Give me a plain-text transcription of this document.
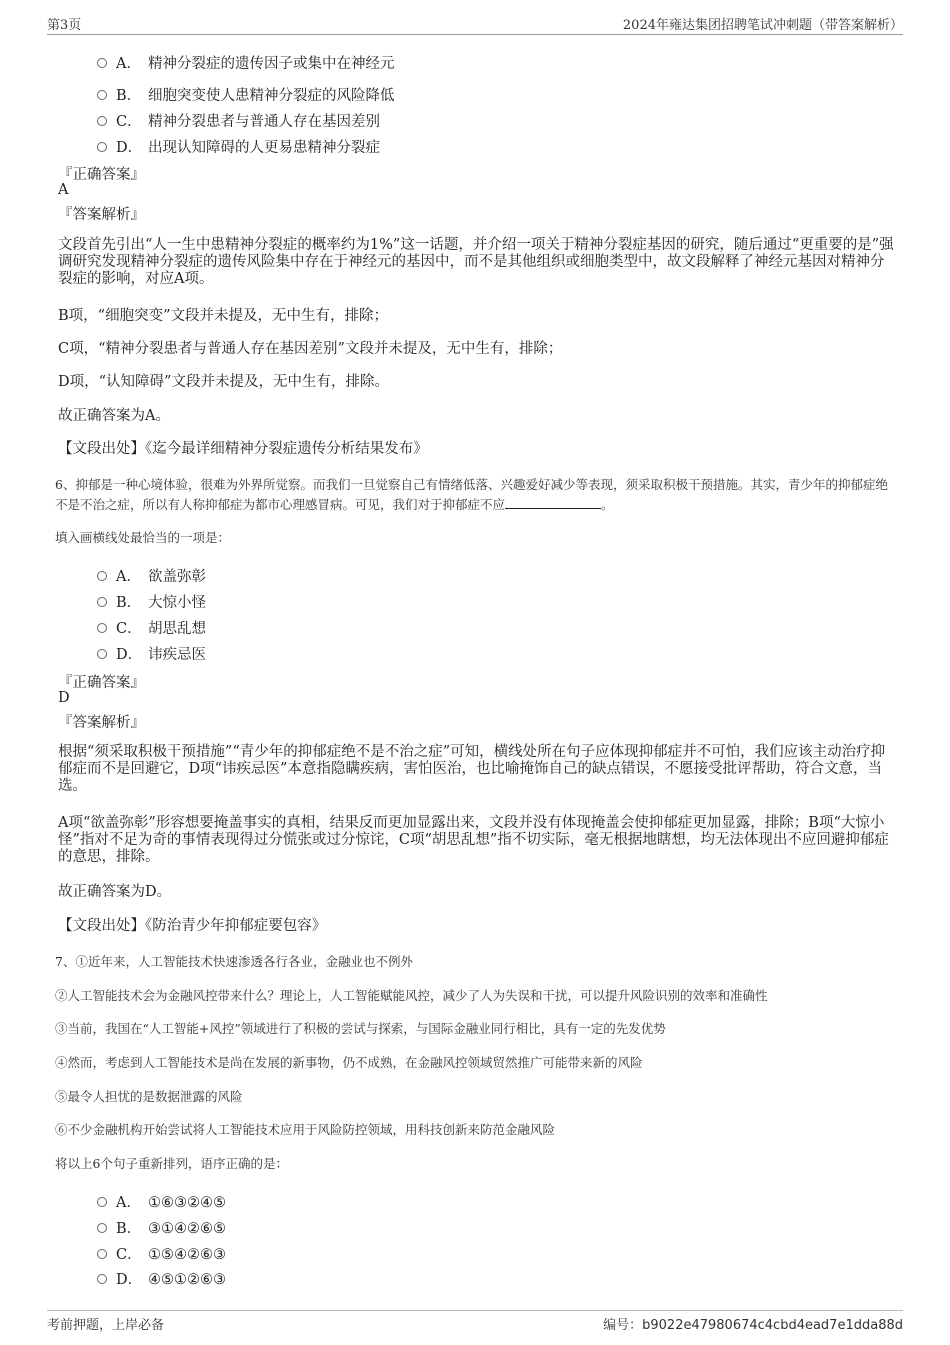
第3页	2024年雍达集团招聘笔试冲刺题（带答案解析）
A． 精神分裂症的遗传因子或集中在神经元
B． 细胞突变使人患精神分裂症的风险降低
C． 精神分裂患者与普通人存在基因差别
D． 出现认知障碍的人更易患精神分裂症
『正确答案』
A
『答案解析』
文段首先引出“人一生中患精神分裂症的概率约为1%”这一话题，并介绍一项关于精神分裂症基因的研究，随后通过“更重要的是”强调研究发现精神分裂症的遗传风险集中存在于神经元的基因中，而不是其他组织或细胞类型中，故文段解释了神经元基因对精神分裂症的影响，对应A项。
B项，“细胞突变”文段并未提及，无中生有，排除；
C项，“精神分裂患者与普通人存在基因差别”文段并未提及，无中生有，排除；
D项，“认知障碍”文段并未提及，无中生有，排除。
故正确答案为A。
【文段出处】《迄今最详细精神分裂症遗传分析结果发布》
6、抑郁是一种心境体验，很难为外界所觉察。而我们一旦觉察自己有情绪低落、兴趣爱好减少等表现，须采取积极干预措施。其实，青少年的抑郁症绝不是不治之症，所以有人称抑郁症为都市心理感冒病。可见，我们对于抑郁症不应	。
填入画横线处最恰当的一项是：
A． 欲盖弥彰
B． 大惊小怪
C． 胡思乱想
D． 讳疾忌医
『正确答案』
D
『答案解析』
根据“须采取积极干预措施”“青少年的抑郁症绝不是不治之症”可知，横线处所在句子应体现抑郁症并不可怕，我们应该主动治疗抑郁症而不是回避它，D项“讳疾忌医”本意指隐瞒疾病，害怕医治，也比喻掩饰自己的缺点错误，不愿接受批评帮助，符合文意，当选。
A项“欲盖弥彰”形容想要掩盖事实的真相，结果反而更加显露出来，文段并没有体现掩盖会使抑郁症更加显露，排除；B项“大惊小怪”指对不足为奇的事情表现得过分慌张或过分惊诧，C项“胡思乱想”指不切实际，毫无根据地瞎想，均无法体现出不应回避抑郁症的意思，排除。
故正确答案为D。
【文段出处】《防治青少年抑郁症要包容》
7、①近年来，人工智能技术快速渗透各行各业，金融业也不例外
②人工智能技术会为金融风控带来什么？理论上，人工智能赋能风控，减少了人为失误和干扰，可以提升风险识别的效率和准确性
③当前，我国在“人工智能+风控”领域进行了积极的尝试与探索，与国际金融业同行相比，具有一定的先发优势
④然而，考虑到人工智能技术是尚在发展的新事物，仍不成熟，在金融风控领域贸然推广可能带来新的风险
⑤最令人担忧的是数据泄露的风险
⑥不少金融机构开始尝试将人工智能技术应用于风险防控领域，用科技创新来防范金融风险
将以上6个句子重新排列，语序正确的是：
A． ①⑥③②④⑤
B． ③①④②⑥⑤
C． ①⑤④②⑥③
D． ④⑤①②⑥③
考前押题，上岸必备	编号：b9022e47980674c4cbd4ead7e1dda88d
